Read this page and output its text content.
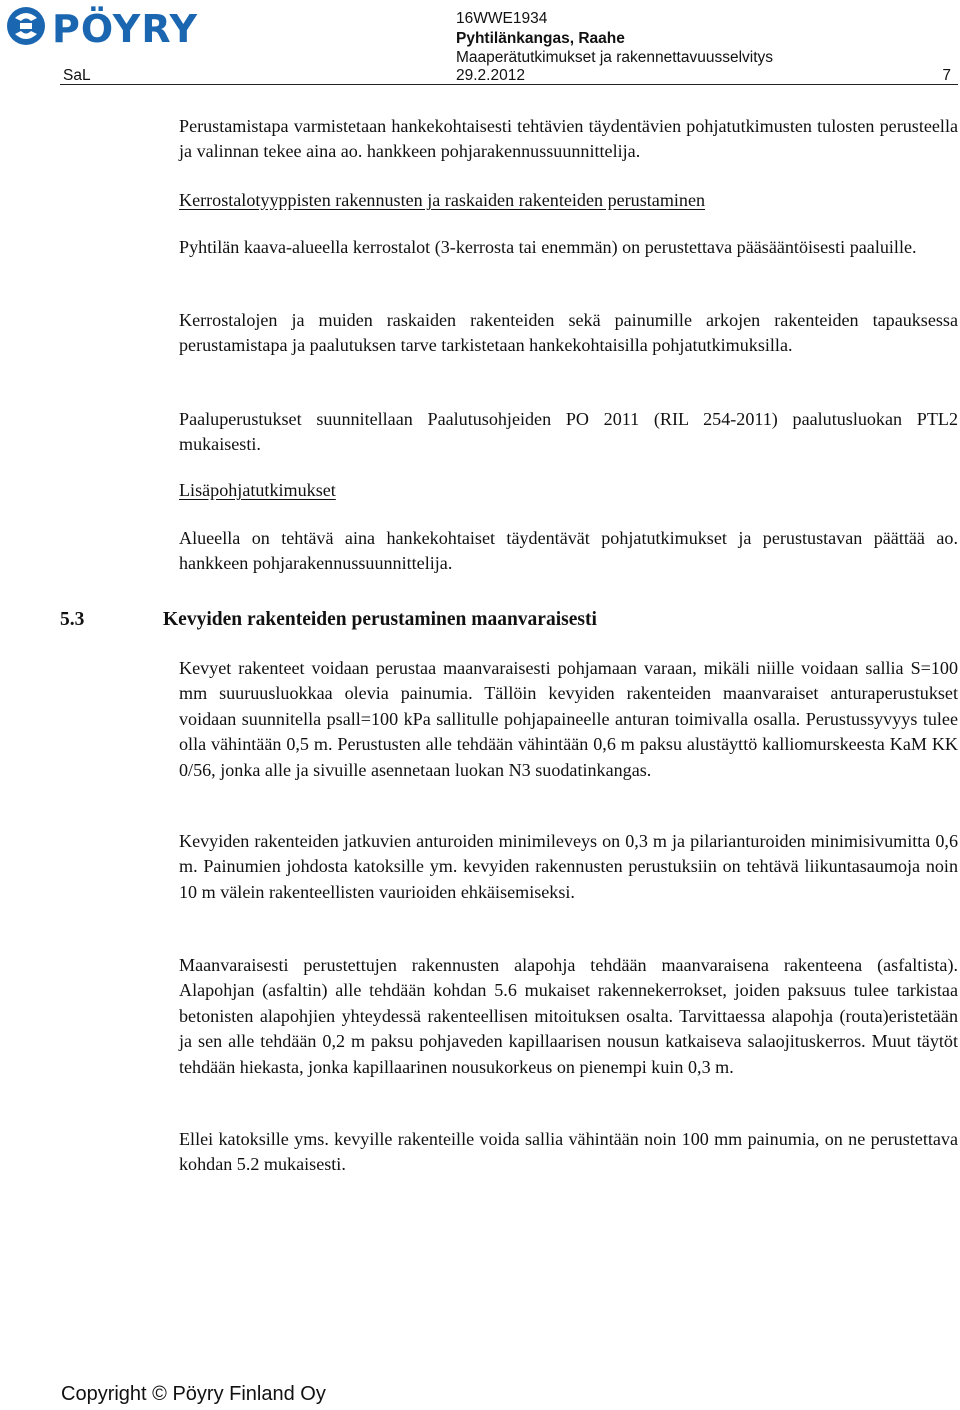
PÖYRY	16WWE1934
Pyhtilänkangas, Raahe
Maaperätutkimukset ja rakennettavuusselvitys
SaL	29.2.2012	7

Perustamistapa varmistetaan hankekohtaisesti tehtävien täydentävien pohjatutkimusten tulosten perusteella ja valinnan tekee aina ao. hankkeen pohjarakennussuunnittelija.

Kerrostalotyyppisten rakennusten ja raskaiden rakenteiden perustaminen

Pyhtilän kaava-alueella kerrostalot (3-kerrosta tai enemmän) on perustettava pääsääntöisesti paaluille.

Kerrostalojen ja muiden raskaiden rakenteiden sekä painumille arkojen rakenteiden tapauksessa perustamistapa ja paalutuksen tarve tarkistetaan hankekohtaisilla pohjatutkimuksilla.

Paaluperustukset suunnitellaan Paalutusohjeiden PO 2011 (RIL 254-2011) paalutusluokan PTL2 mukaisesti.

Lisäpohjatutkimukset

Alueella on tehtävä aina hankekohtaiset täydentävät pohjatutkimukset ja perustustavan päättää ao. hankkeen pohjarakennussuunnittelija.

5.3	Kevyiden rakenteiden perustaminen maanvaraisesti

Kevyet rakenteet voidaan perustaa maanvaraisesti pohjamaan varaan, mikäli niille voidaan sallia S=100 mm suuruusluokkaa olevia painumia. Tällöin kevyiden rakenteiden maanvaraiset anturaperustukset voidaan suunnitella psall=100 kPa sallitulle pohjapaineelle anturan toimivalla osalla. Perustussyvyys tulee olla vähintään 0,5 m. Perustusten alle tehdään vähintään 0,6 m paksu alustäyttö kalliomurskeesta KaM KK 0/56, jonka alle ja sivuille asennetaan luokan N3 suodatinkangas.

Kevyiden rakenteiden jatkuvien anturoiden minimileveys on 0,3 m ja pilarianturoiden minimisivumitta 0,6 m. Painumien johdosta katoksille ym. kevyiden rakennusten perustuksiin on tehtävä liikuntasaumoja noin 10 m välein rakenteellisten vaurioiden ehkäisemiseksi.

Maanvaraisesti perustettujen rakennusten alapohja tehdään maanvaraisena rakenteena (asfaltista). Alapohjan (asfaltin) alle tehdään kohdan 5.6 mukaiset rakennekerrokset, joiden paksuus tulee tarkistaa betonisten alapohjien yhteydessä rakenteellisen mitoituksen osalta. Tarvittaessa alapohja (routa)eristetään ja sen alle tehdään 0,2 m paksu pohjaveden kapillaarisen nousun katkaiseva salaojituskerros. Muut täytöt tehdään hiekasta, jonka kapillaarinen nousukorkeus on pienempi kuin 0,3 m.

Ellei katoksille yms. kevyille rakenteille voida sallia vähintään noin 100 mm painumia, on ne perustettava kohdan 5.2 mukaisesti.

Copyright © Pöyry Finland Oy
